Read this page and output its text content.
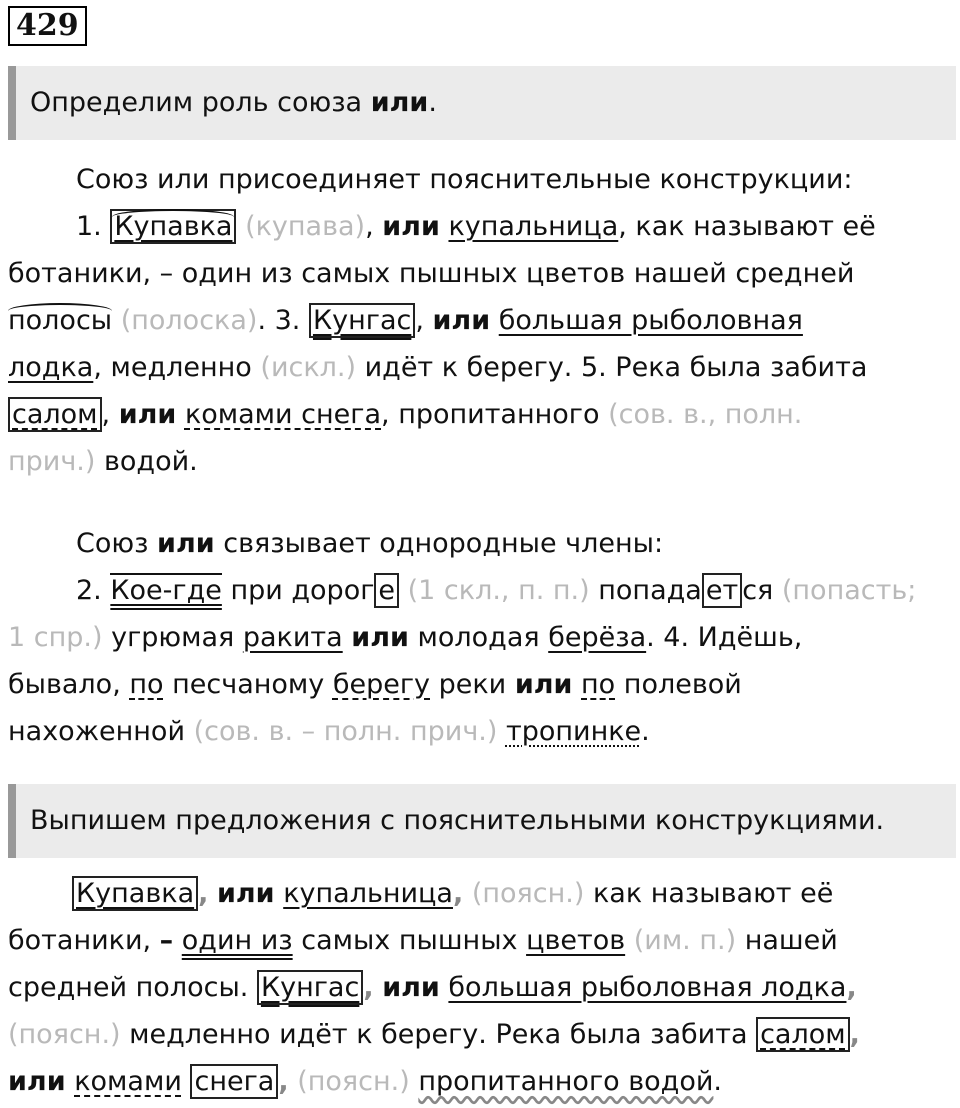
429
Определим роль союза или.
Союз или присоединяет пояснительные конструкции:
1. Купавка (купава), или купальница, как называют её
ботаники, – один из самых пышных цветов нашей средней
полосы (полоска). 3. Кунгас , или большая рыболовная
лодка, медленно (искл.) идёт к берегу. 5. Река была забита
салом , или комами снега, пропитанного (сов. в., полн.
прич.) водой.
Союз или связывает однородные члены:
2. Кое-где при дорог е (1 скл., п. п.) попада ет ся (попасть;
1 спр.) угрюмая ракита или молодая берёза. 4. Идёшь,
бывало, по песчаному берегу реки или по полевой
нахоженной (сов. в. – полн. прич.) тропинке.
Выпишем предложения с пояснительными конструкциями.
Купавка , или купальница, (поясн.) как называют её
ботаники, – один из самых пышных цветов (им. п.) нашей
средней полосы. Кунгас , или большая рыболовная лодка,
(поясн.) медленно идёт к берегу. Река была забита салом ,
или комами снега , (поясн.) пропитанного водой.
